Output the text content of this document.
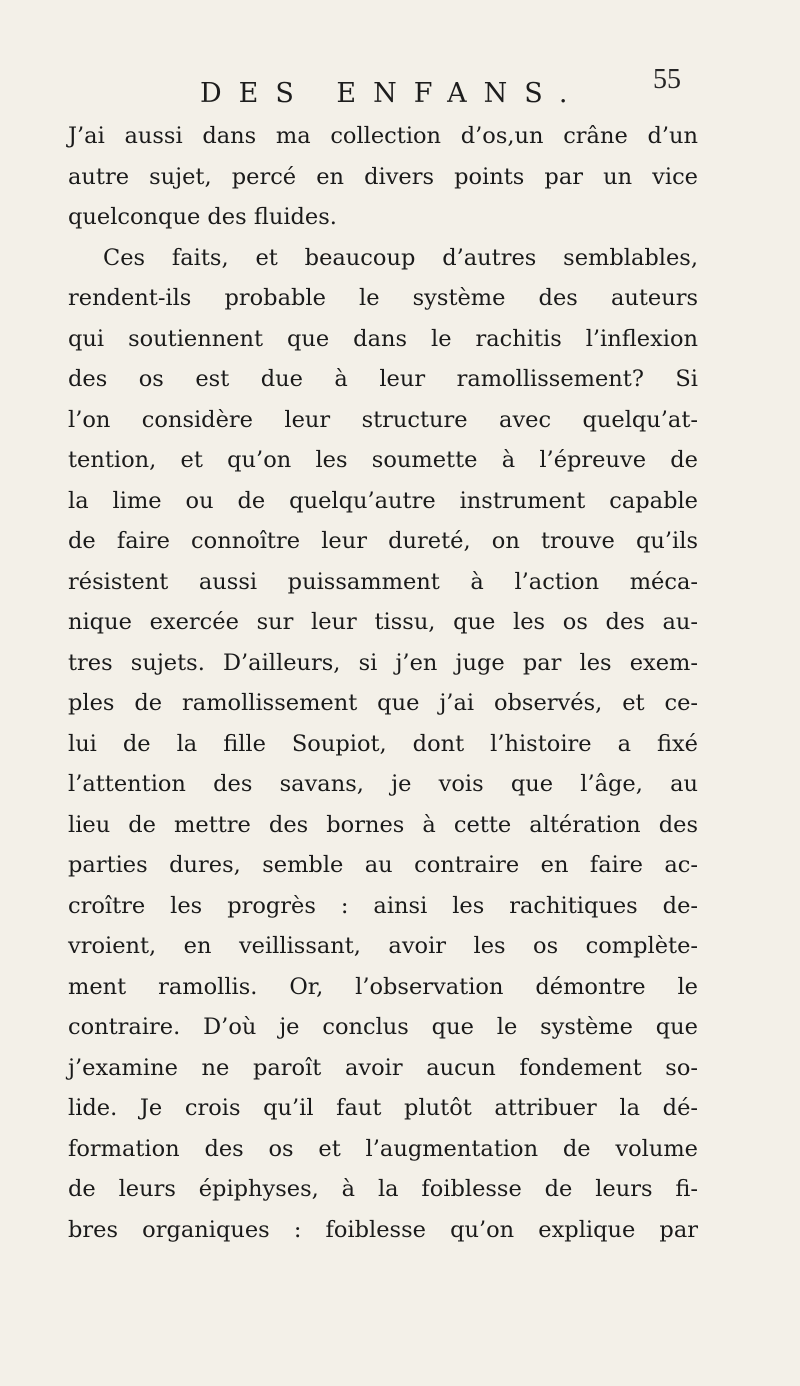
DES ENFANS. 55
J’ai aussi dans ma collection d’os,un crâne d’un
autre sujet, percé en divers points par un vice
quelconque des fluides.
Ces faits, et beaucoup d’autres semblables,
rendent-ils probable le système des auteurs
qui soutiennent que dans le rachitis l’inflexion
des os est due à leur ramollissement? Si
l’on considère leur structure avec quelqu’at-
tention, et qu’on les soumette à l’épreuve de
la lime ou de quelqu’autre instrument capable
de faire connoître leur dureté, on trouve qu’ils
résistent aussi puissamment à l’action méca-
nique exercée sur leur tissu, que les os des au-
tres sujets. D’ailleurs, si j’en juge par les exem-
ples de ramollissement que j’ai observés, et ce-
lui de la fille Soupiot, dont l’histoire a fixé
l’attention des savans, je vois que l’âge, au
lieu de mettre des bornes à cette altération des
parties dures, semble au contraire en faire ac-
croître les progrès : ainsi les rachitiques de-
vroient, en veillissant, avoir les os complète-
ment ramollis. Or, l’observation démontre le
contraire. D’où je conclus que le système que
j’examine ne paroît avoir aucun fondement so-
lide. Je crois qu’il faut plutôt attribuer la dé-
formation des os et l’augmentation de volume
de leurs épiphyses, à la foiblesse de leurs fi-
bres organiques : foiblesse qu’on explique par
